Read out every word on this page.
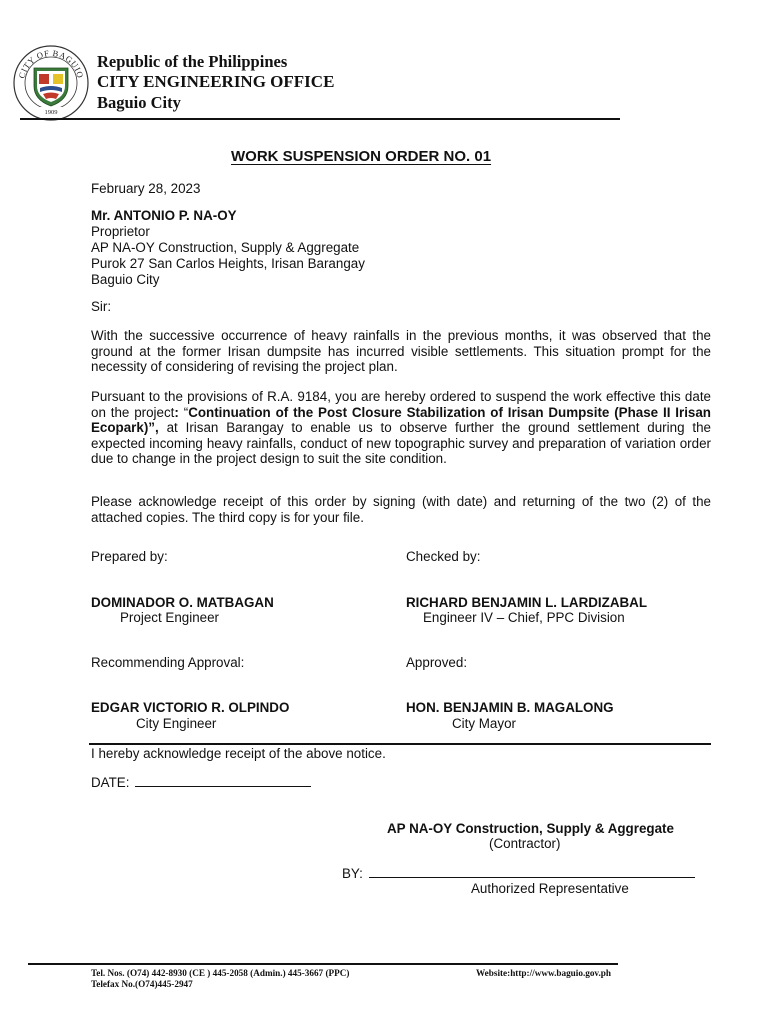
CITY OF BAGUIO
1909
Republic of the Philippines
CITY ENGINEERING OFFICE
Baguio City
WORK SUSPENSION ORDER NO. 01
February 28, 2023
Mr. ANTONIO P. NA-OY
Proprietor
AP NA-OY Construction, Supply & Aggregate
Purok 27 San Carlos Heights, Irisan Barangay
Baguio City
Sir:
With the successive occurrence of heavy rainfalls in the previous months, it was observed that the ground at the former Irisan dumpsite has incurred visible settlements. This situation prompt for the necessity of considering of revising the project plan.
Pursuant to the provisions of R.A. 9184, you are hereby ordered to suspend the work effective this date on the project: “Continuation of the Post Closure Stabilization of Irisan Dumpsite (Phase II Irisan Ecopark)”, at Irisan Barangay to enable us to observe further the ground settlement during the expected incoming heavy rainfalls, conduct of new topographic survey and preparation of variation order due to change in the project design to suit the site condition.
Please acknowledge receipt of this order by signing (with date) and returning of the two (2) of the attached copies. The third copy is for your file.
Prepared by:	Checked by:
DOMINADOR O. MATBAGAN
Project Engineer
RICHARD BENJAMIN L. LARDIZABAL
Engineer IV – Chief, PPC Division
Recommending Approval:	Approved:
EDGAR VICTORIO R. OLPINDO
City Engineer
HON. BENJAMIN B. MAGALONG
City Mayor
I hereby acknowledge receipt of the above notice.
DATE:
AP NA-OY Construction, Supply & Aggregate
(Contractor)
BY:
Authorized Representative
Tel. Nos. (O74) 442-8930 (CE ) 445-2058 (Admin.) 445-3667 (PPC)	Website:http://www.baguio.gov.ph
Telefax No.(O74)445-2947
